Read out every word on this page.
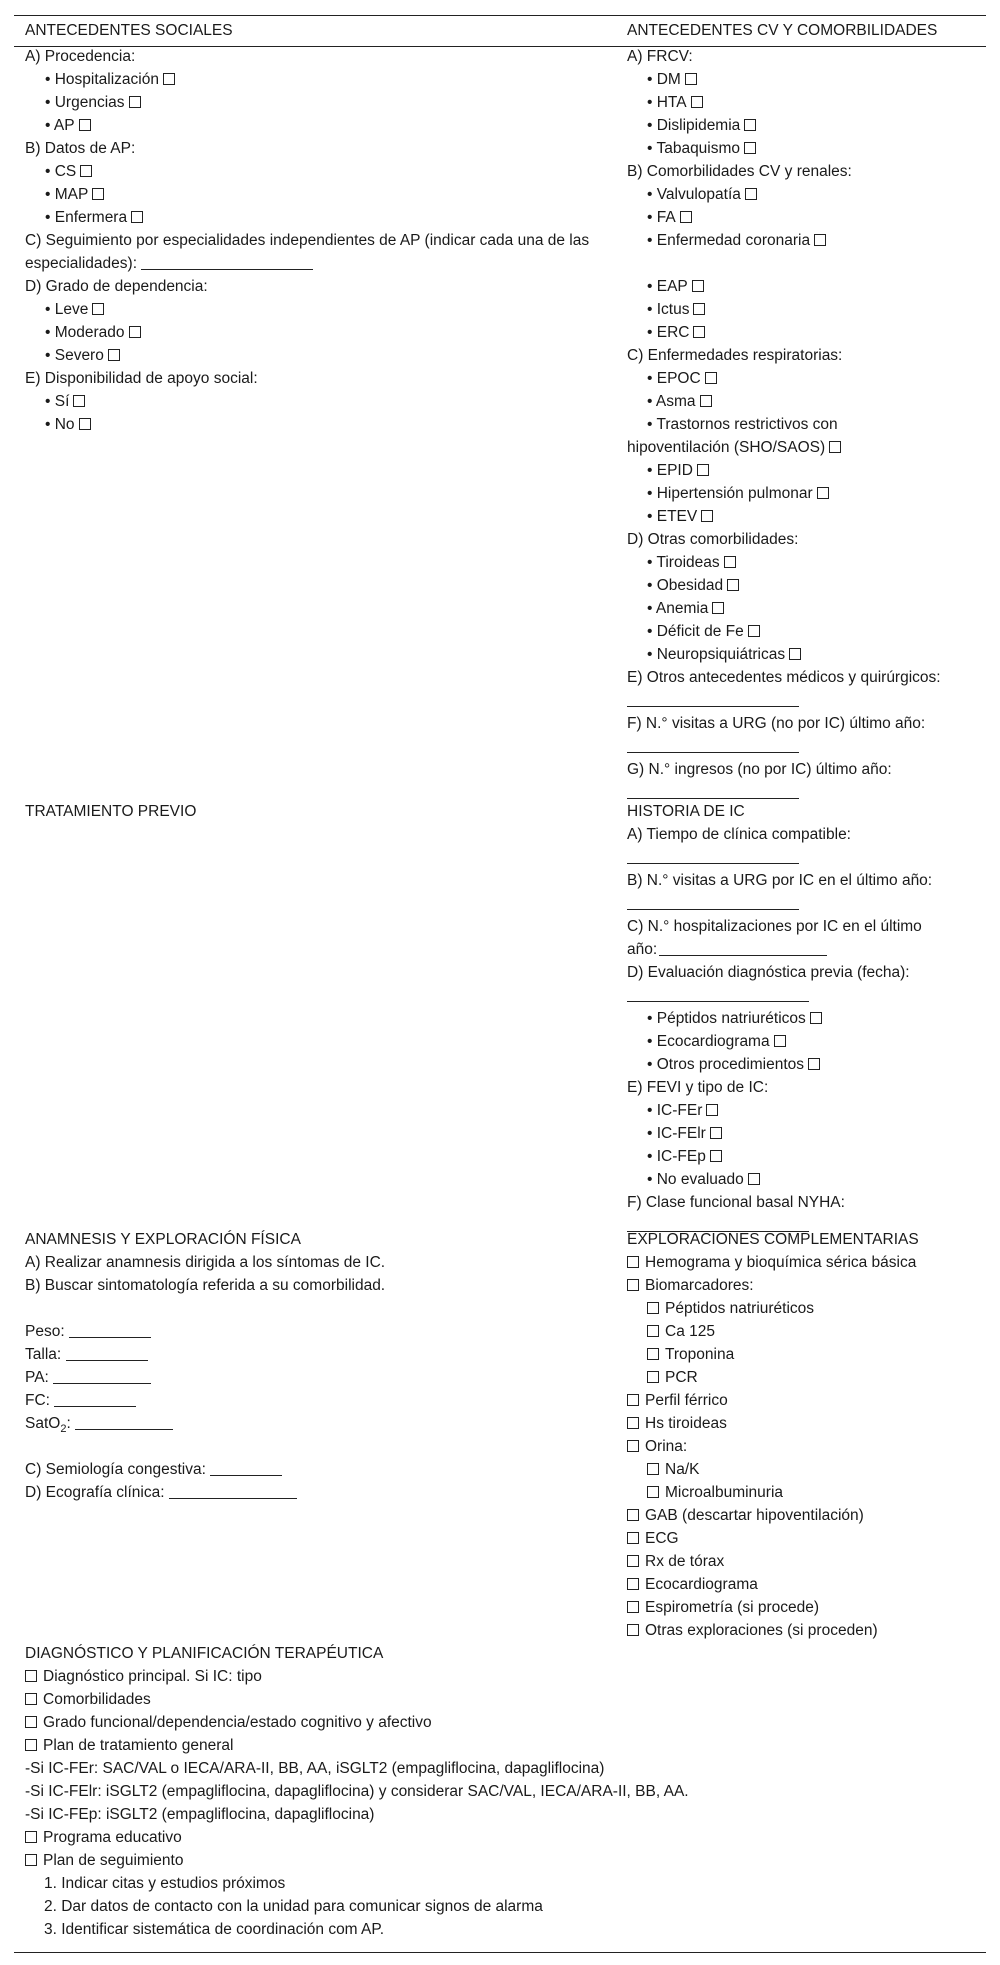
ANTECEDENTES SOCIALES
A) Procedencia:
• Hospitalización
• Urgencias
• AP
B) Datos de AP:
• CS
• MAP
• Enfermera
C) Seguimiento por especialidades independientes de AP (indicar cada una de las especialidades):
D) Grado de dependencia:
• Leve
• Moderado
• Severo
E) Disponibilidad de apoyo social:
• Sí
• No
ANTECEDENTES CV Y COMORBILIDADES
A) FRCV:
• DM
• HTA
• Dislipidemia
• Tabaquismo
B) Comorbilidades CV y renales:
• Valvulopatía
• FA
• Enfermedad coronaria
• EAP
• Ictus
• ERC
C) Enfermedades respiratorias:
• EPOC
• Asma
• Trastornos restrictivos con
hipoventilación (SHO/SAOS)
• EPID
• Hipertensión pulmonar
• ETEV
D) Otras comorbilidades:
• Tiroideas
• Obesidad
• Anemia
• Déficit de Fe
• Neuropsiquiátricas
E) Otros antecedentes médicos y quirúrgicos:
F) N.° visitas a URG (no por IC) último año:
G) N.° ingresos (no por IC) último año:
TRATAMIENTO PREVIO	HISTORIA DE IC
A) Tiempo de clínica compatible:
B) N.° visitas a URG por IC en el último año:
C) N.° hospitalizaciones por IC en el último
año:
D) Evaluación diagnóstica previa (fecha):
• Péptidos natriuréticos
• Ecocardiograma
• Otros procedimientos
E) FEVI y tipo de IC:
• IC-FEr
• IC-FElr
• IC-FEp
• No evaluado
F) Clase funcional basal NYHA:
ANAMNESIS Y EXPLORACIÓN FÍSICA
A) Realizar anamnesis dirigida a los síntomas de IC.
B) Buscar sintomatología referida a su comorbilidad.
Peso:
Talla:
PA:
FC:
SatO$_2$:
C) Semiología congestiva:
D) Ecografía clínica:
EXPLORACIONES COMPLEMENTARIAS
Hemograma y bioquímica sérica básica
Biomarcadores:
Péptidos natriuréticos
Ca 125
Troponina
PCR
Perfil férrico
Hs tiroideas
Orina:
Na/K
Microalbuminuria
GAB (descartar hipoventilación)
ECG
Rx de tórax
Ecocardiograma
Espirometría (si procede)
Otras exploraciones (si proceden)
DIAGNÓSTICO Y PLANIFICACIÓN TERAPÉUTICA
Diagnóstico principal. Si IC: tipo
Comorbilidades
Grado funcional/dependencia/estado cognitivo y afectivo
Plan de tratamiento general
-Si IC-FEr: SAC/VAL o IECA/ARA-II, BB, AA, iSGLT2 (empagliflocina, dapagliflocina)
-Si IC-FElr: iSGLT2 (empagliflocina, dapagliflocina) y considerar SAC/VAL, IECA/ARA-II, BB, AA.
-Si IC-FEp: iSGLT2 (empagliflocina, dapagliflocina)
Programa educativo
Plan de seguimiento
1. Indicar citas y estudios próximos
2. Dar datos de contacto con la unidad para comunicar signos de alarma
3. Identificar sistemática de coordinación com AP.
